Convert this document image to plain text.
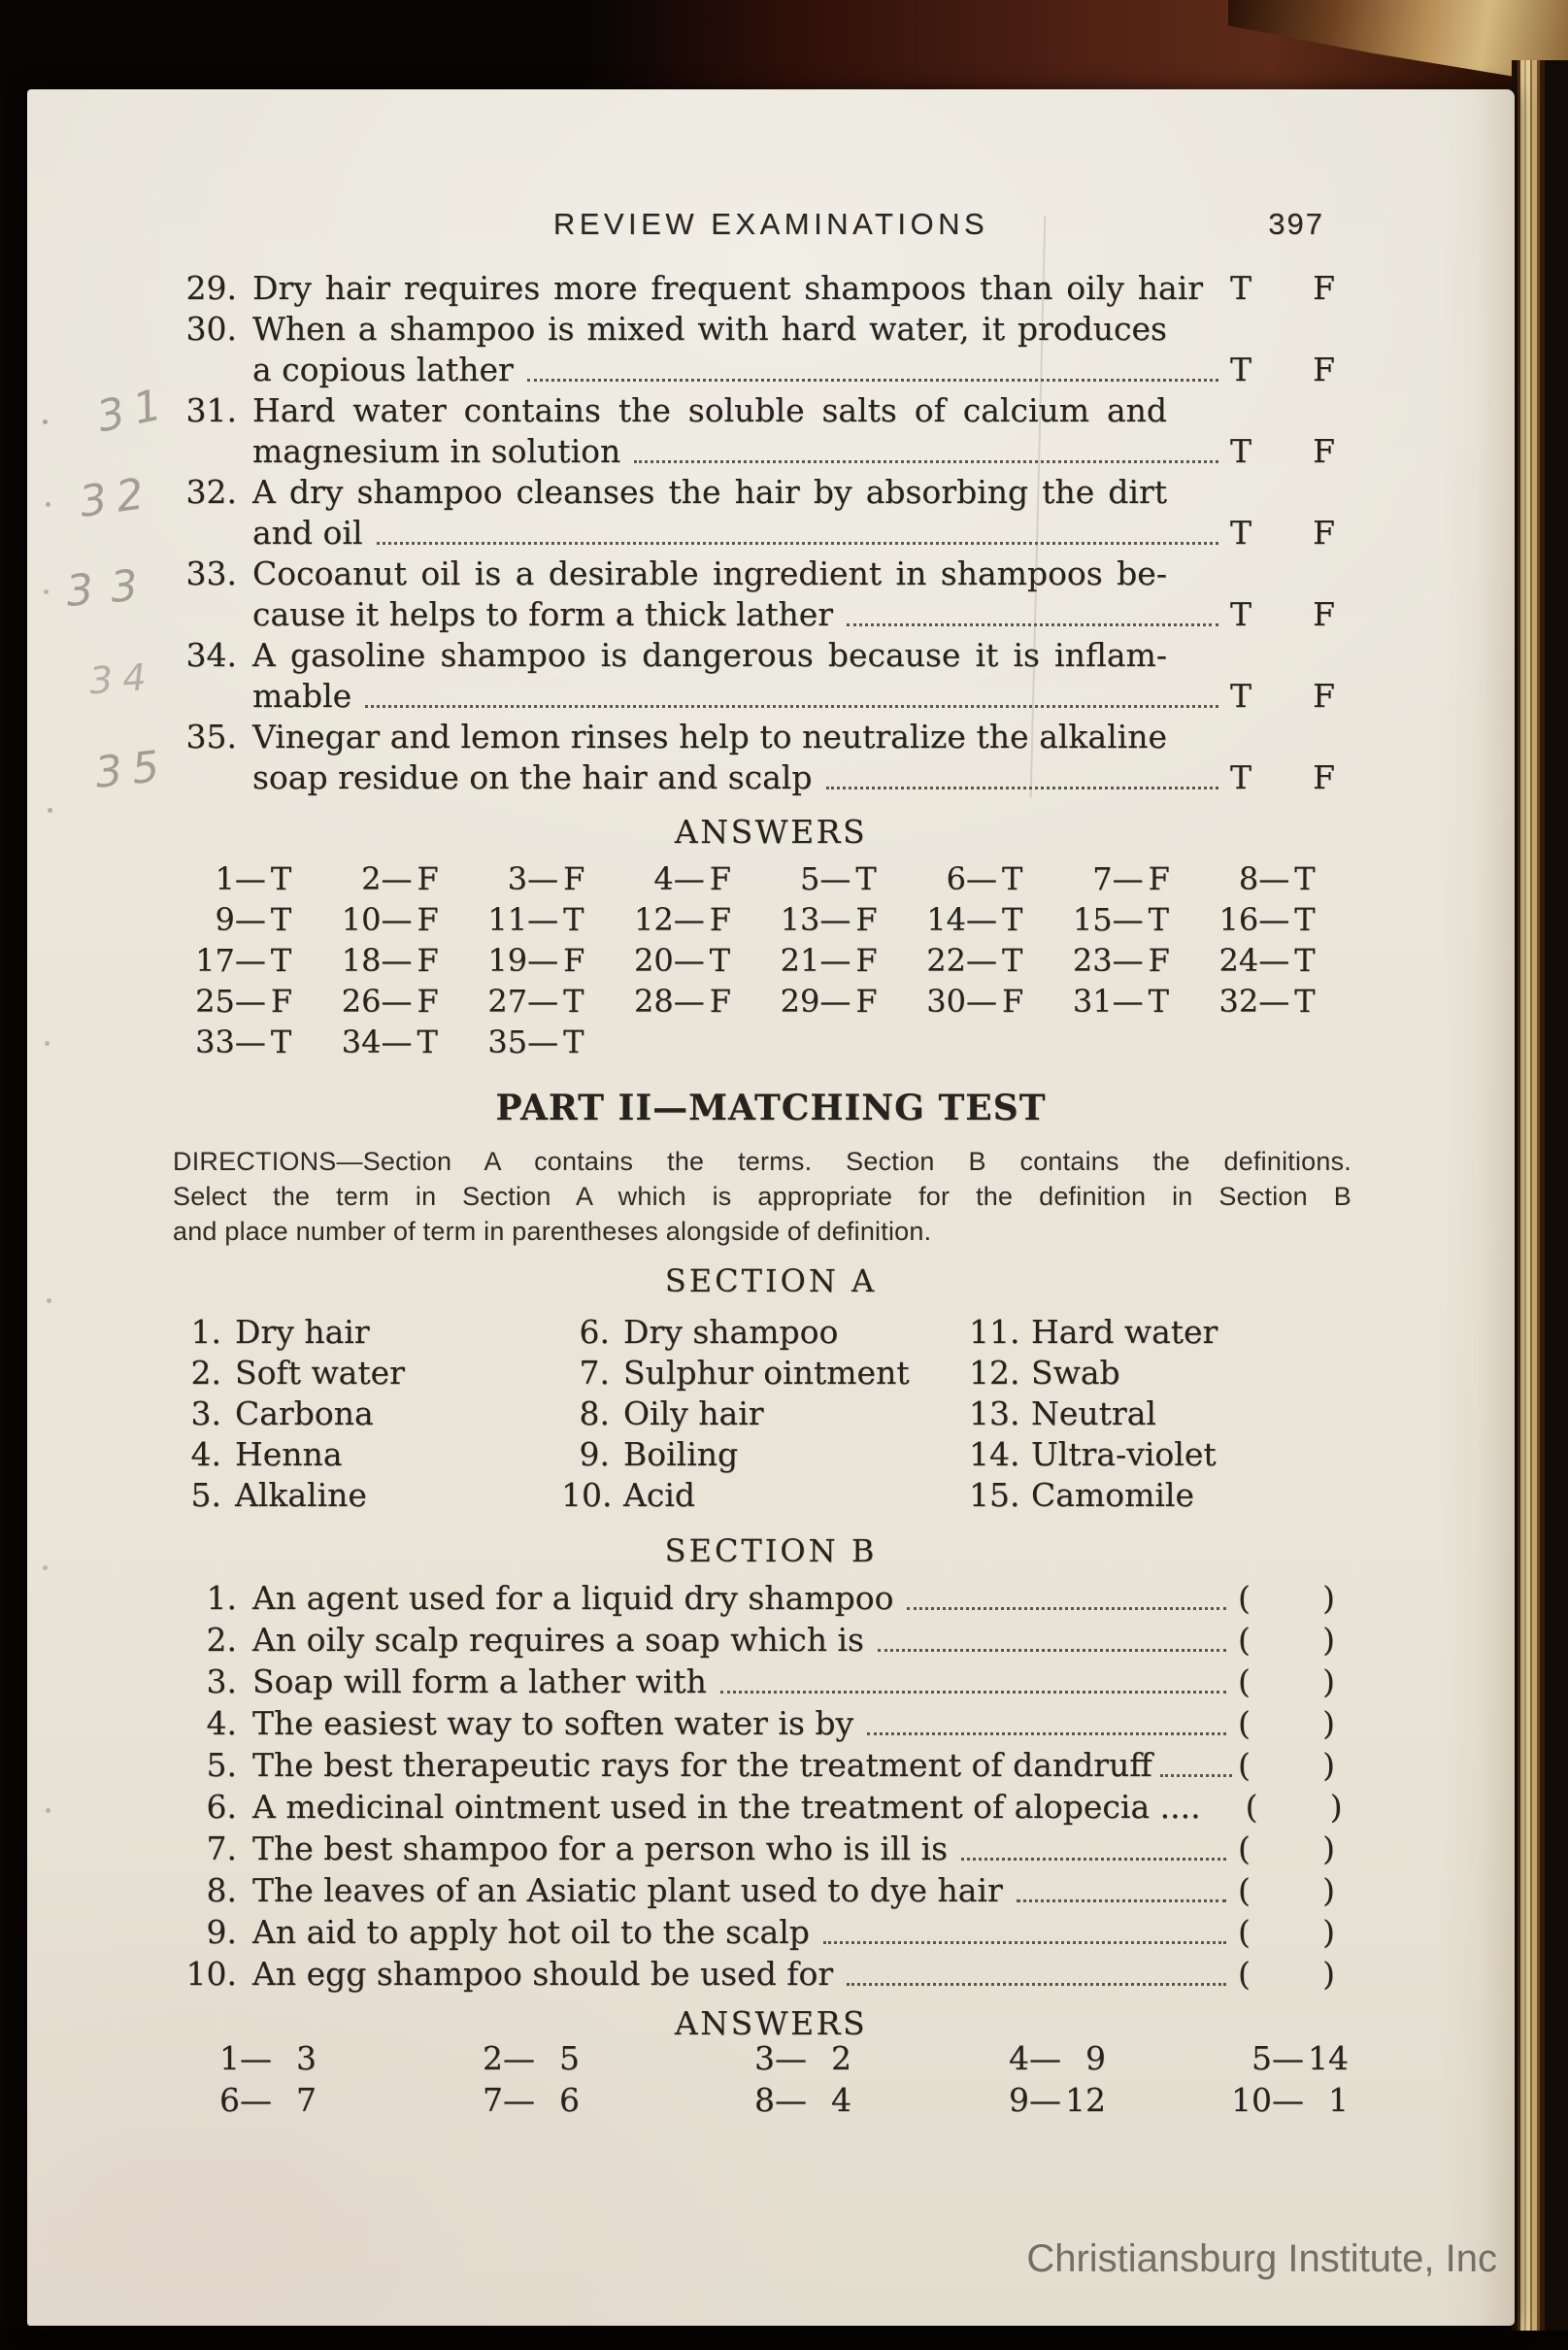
REVIEW EXAMINATIONS	397
29. Dry hair requires more frequent shampoos than oily hair T F
30. When a shampoo is mixed with hard water, it produces
a copious lather	T F
31. Hard water contains the soluble salts of calcium and
magnesium in solution	T F
32. A dry shampoo cleanses the hair by absorbing the dirt
and oil	T F
33. Cocoanut oil is a desirable ingredient in shampoos be-
cause it helps to form a thick lather	T F
34. A gasoline shampoo is dangerous because it is inflam-
mable	T F
35. Vinegar and lemon rinses help to neutralize the alkaline
soap residue on the hair and scalp	T F
ANSWERS
1 — T	2 — F	3 — F	4 — F	5 — T	6 — T	7 — F	8 — T
9 — T	10 — F	11 — T	12 — F	13 — F	14 — T	15 — T	16 — T
17 — T	18 — F	19 — F	20 — T	21 — F	22 — T	23 — F	24 — T
25 — F	26 — F	27 — T	28 — F	29 — F	30 — F	31 — T	32 — T
33 — T	34 — T	35 — T
PART II—MATCHING TEST
DIRECTIONS—Section A contains the terms. Section B contains the definitions.
Select the term in Section A which is appropriate for the definition in Section B
and place number of term in parentheses alongside of definition.
SECTION A
1. Dry hair	6. Dry shampoo	11. Hard water
2. Soft water	7. Sulphur ointment 12. Swab
3. Carbona	8. Oily hair	13. Neutral
4. Henna	9. Boiling	14. Ultra-violet
5. Alkaline	10. Acid	15. Camomile
SECTION B
1. An agent used for a liquid dry shampoo	( )
2. An oily scalp requires a soap which is	( )
3. Soap will form a lather with	( )
4. The easiest way to soften water is by	( )
5. The best therapeutic rays for the treatment of dandruff	( )
6. A medicinal ointment used in the treatment of alopecia .... ( )
7. The best shampoo for a person who is ill is	( )
8. The leaves of an Asiatic plant used to dye hair	( )
9. An aid to apply hot oil to the scalp	( )
10. An egg shampoo should be used for	( )
ANSWERS
1 — 3	2 — 5	3 — 2	4 — 9	5 — 14
6 — 7	7 — 6	8 — 4	9 — 12	10 — 1
31
32
33
34
35
Christiansburg Institute, Inc
